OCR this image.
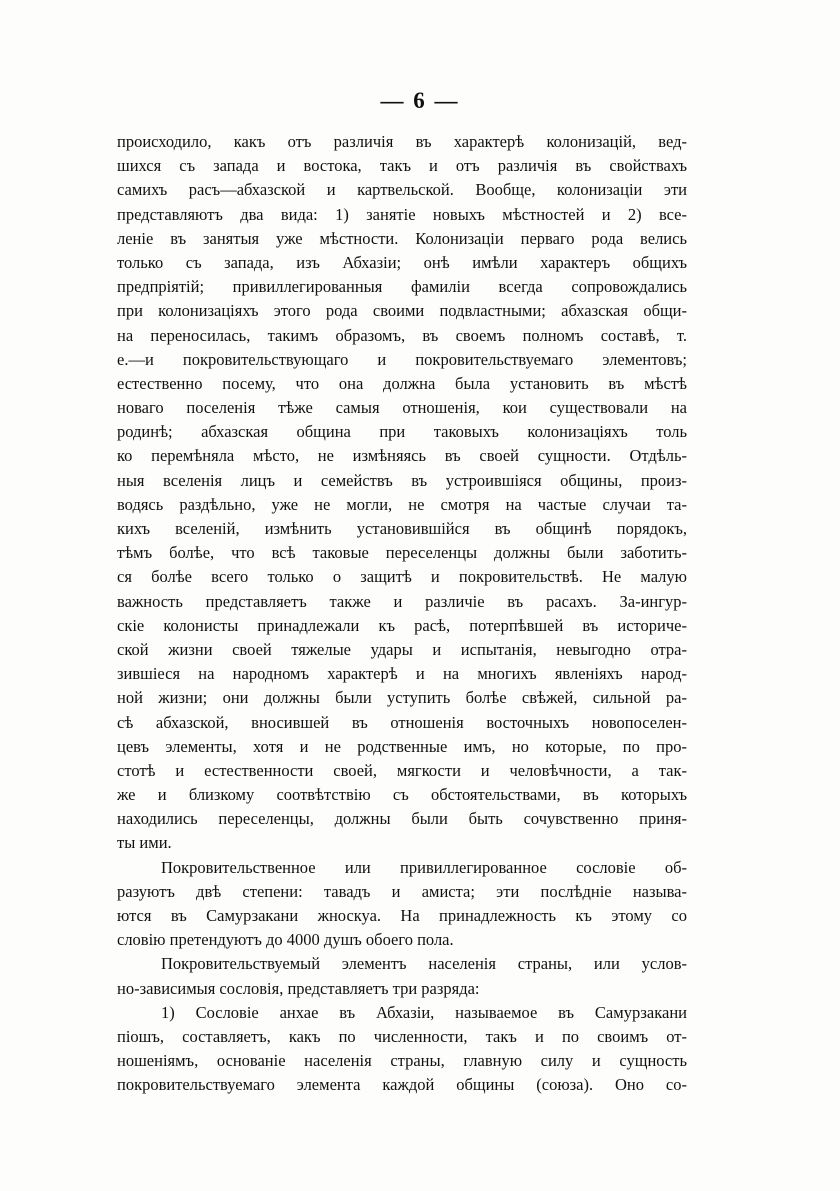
— 6 —
происходило, какъ отъ различія въ характерѣ колонизацій, вед-
шихся съ запада и востока, такъ и отъ различія въ свойствахъ
самихъ расъ—абхазской и картвельской. Вообще, колонизаціи эти
представляютъ два вида: 1) занятіе новыхъ мѣстностей и 2) все-
леніе въ занятыя уже мѣстности. Колонизаціи перваго рода велись
только съ запада, изъ Абхазіи; онѣ имѣли характеръ общихъ
предпріятій; привиллегированныя фамиліи всегда сопровождались
при колонизаціяхъ этого рода своими подвластными; абхазская общи-
на переносилась, такимъ образомъ, въ своемъ полномъ составѣ, т.
е.—и покровительствующаго и покровительствуемаго элементовъ;
естественно посему, что она должна была установить въ мѣстѣ
новаго поселенія тѣже самыя отношенія, кои существовали на
родинѣ; абхазская община при таковыхъ колонизаціяхъ толь
ко перемѣняла мѣсто, не измѣняясь въ своей сущности. Отдѣль-
ныя вселенія лицъ и семействъ въ устроившіяся общины, произ-
водясь раздѣльно, уже не могли, не смотря на частые случаи та-
кихъ вселеній, измѣнить установившійся въ общинѣ порядокъ,
тѣмъ болѣе, что всѣ таковые переселенцы должны были заботить-
ся болѣе всего только о защитѣ и покровительствѣ. Не малую
важность представляетъ также и различіе въ расахъ. За-ингур-
скіе колонисты принадлежали къ расѣ, потерпѣвшей въ историче-
ской жизни своей тяжелые удары и испытанія, невыгодно отра-
зившіеся на народномъ характерѣ и на многихъ явленіяхъ народ-
ной жизни; они должны были уступить болѣе свѣжей, сильной ра-
сѣ абхазской, вносившей въ отношенія восточныхъ новопоселен-
цевъ элементы, хотя и не родственные имъ, но которые, по про-
стотѣ и естественности своей, мягкости и человѣчности, а так-
же и близкому соотвѣтствію съ обстоятельствами, въ которыхъ
находились переселенцы, должны были быть сочувственно приня-
ты ими.
Покровительственное или привиллегированное сословіе об-
разуютъ двѣ степени: тавадъ и амиста; эти послѣдніе называ-
ются въ Самурзакани жноскуа. На принадлежность къ этому со
словію претендуютъ до 4000 душъ обоего пола.
Покровительствуемый элементъ населенія страны, или услов-
но-зависимыя сословія, представляетъ три разряда:
1) Сословіе анхае въ Абхазіи, называемое въ Самурзакани
піошъ, составляетъ, какъ по численности, такъ и по своимъ от-
ношеніямъ, основаніе населенія страны, главную силу и сущность
покровительствуемаго элемента каждой общины (союза). Оно со-
